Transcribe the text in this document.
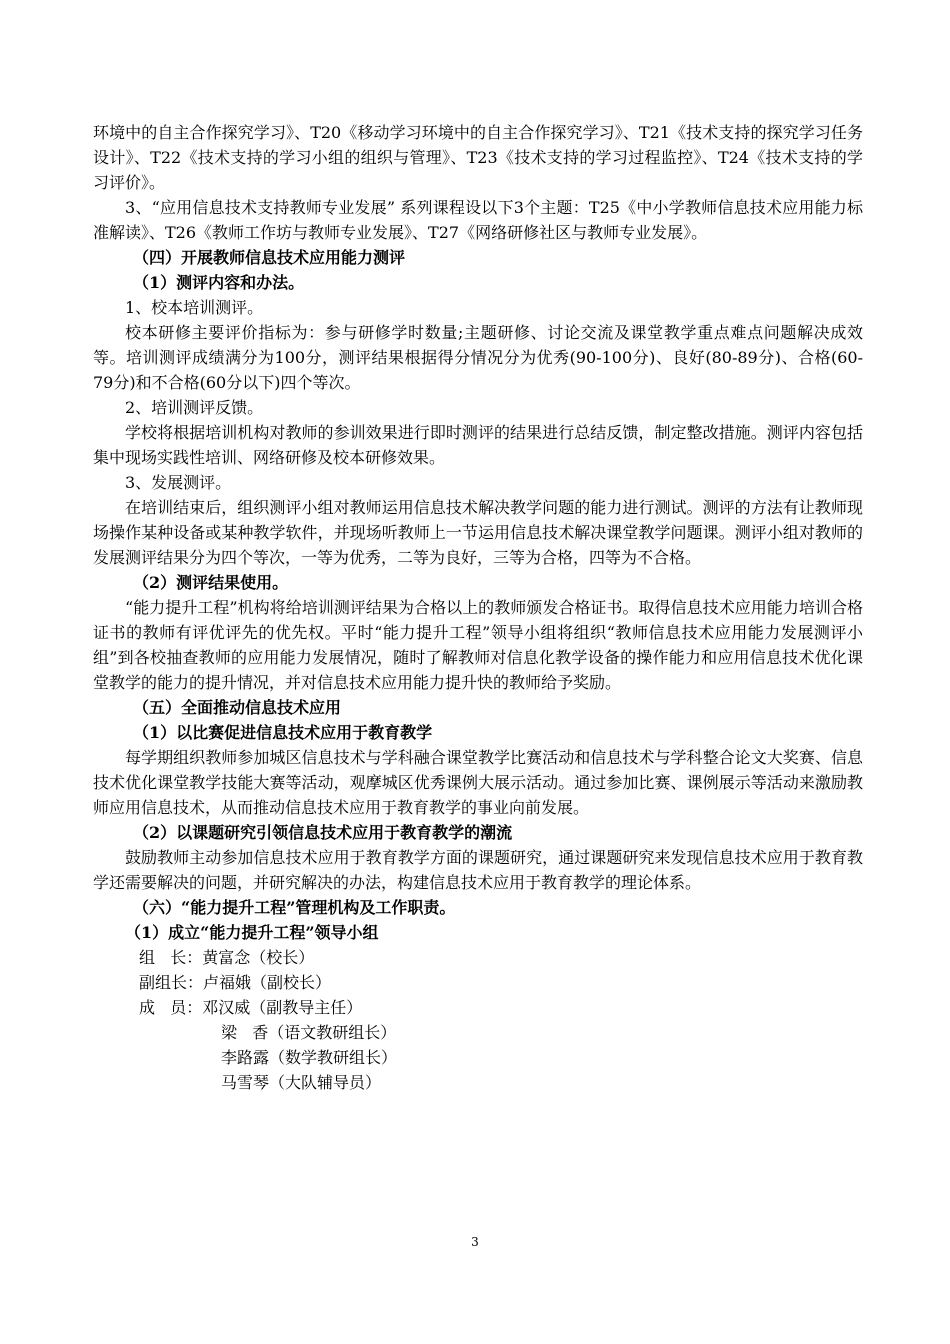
环境中的自主合作探究学习》、T20《移动学习环境中的自主合作探究学习》、T21《技术支持的探究学习任务设计》、T22《技术支持的学习小组的组织与管理》、T23《技术支持的学习过程监控》、T24《技术支持的学习评价》。

3、“应用信息技术支持教师专业发展” 系列课程设以下3个主题：T25《中小学教师信息技术应用能力标准解读》、T26《教师工作坊与教师专业发展》、T27《网络研修社区与教师专业发展》。

（四）开展教师信息技术应用能力测评

（1）测评内容和办法。

1、校本培训测评。

校本研修主要评价指标为：参与研修学时数量;主题研修、讨论交流及课堂教学重点难点问题解决成效等。培训测评成绩满分为100分，测评结果根据得分情况分为优秀(90-100分)、良好(80-89分)、合格(60-79分)和不合格(60分以下)四个等次。

2、培训测评反馈。

学校将根据培训机构对教师的参训效果进行即时测评的结果进行总结反馈，制定整改措施。测评内容包括集中现场实践性培训、网络研修及校本研修效果。

3、发展测评。

在培训结束后，组织测评小组对教师运用信息技术解决教学问题的能力进行测试。测评的方法有让教师现场操作某种设备或某种教学软件，并现场听教师上一节运用信息技术解决课堂教学问题课。测评小组对教师的发展测评结果分为四个等次，一等为优秀，二等为良好，三等为合格，四等为不合格。

（2）测评结果使用。

“能力提升工程”机构将给培训测评结果为合格以上的教师颁发合格证书。取得信息技术应用能力培训合格证书的教师有评优评先的优先权。平时“能力提升工程”领导小组将组织“教师信息技术应用能力发展测评小组”到各校抽查教师的应用能力发展情况，随时了解教师对信息化教学设备的操作能力和应用信息技术优化课堂教学的能力的提升情况，并对信息技术应用能力提升快的教师给予奖励。

（五）全面推动信息技术应用

（1）以比赛促进信息技术应用于教育教学

每学期组织教师参加城区信息技术与学科融合课堂教学比赛活动和信息技术与学科整合论文大奖赛、信息技术优化课堂教学技能大赛等活动，观摩城区优秀课例大展示活动。通过参加比赛、课例展示等活动来激励教师应用信息技术，从而推动信息技术应用于教育教学的事业向前发展。

（2）以课题研究引领信息技术应用于教育教学的潮流

鼓励教师主动参加信息技术应用于教育教学方面的课题研究，通过课题研究来发现信息技术应用于教育教学还需要解决的问题，并研究解决的办法，构建信息技术应用于教育教学的理论体系。

（六）“能力提升工程”管理机构及工作职责。

（1）成立“能力提升工程”领导小组

组   长：黄富念（校长）

副组长：卢福娥（副校长）

成   员：邓汉威（副教导主任）

梁   香（语文教研组长）

李路露（数学教研组长）

马雪琴（大队辅导员）

3
